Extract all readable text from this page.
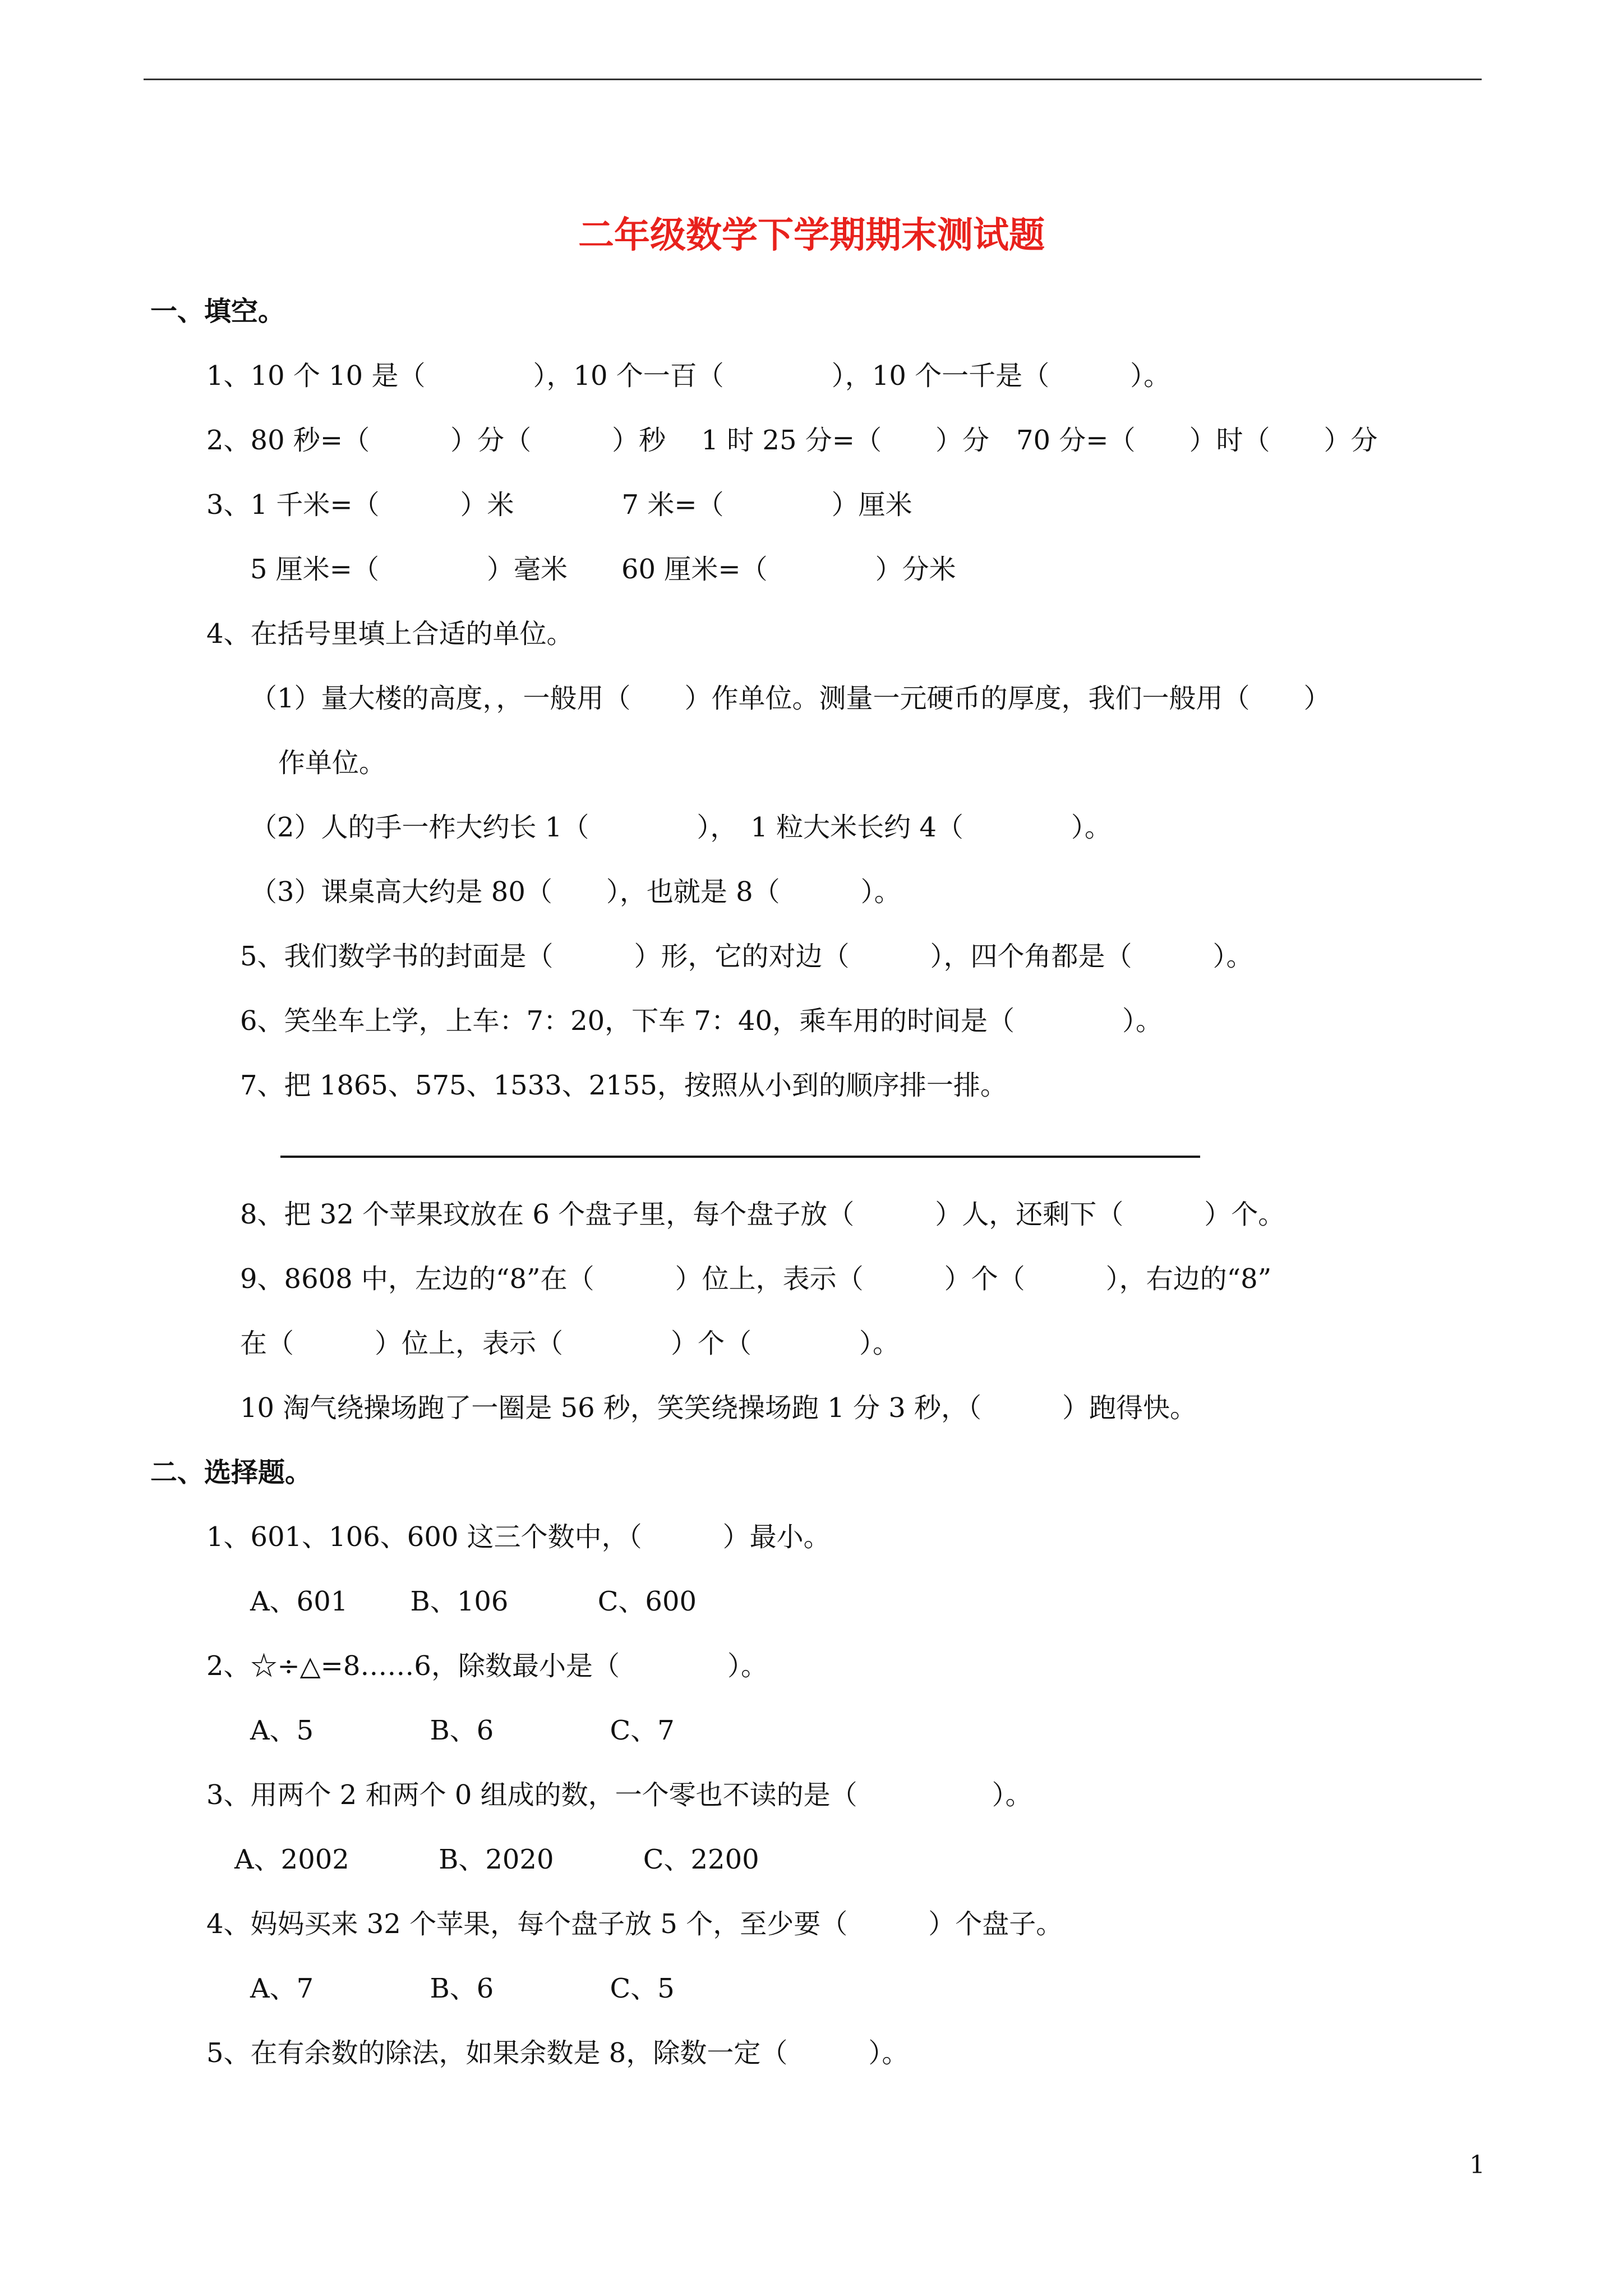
二年级数学下学期期末测试题
一、填空。
1、10 个 10 是（　　　　），10 个一百（　　　　），10 个一千是（　　　）。
2、80 秒=（　　　）分（　　　）秒　 1 时 25 分=（　　）分　70 分=（　　）时（　　）分
3、1 千米=（　　　）米　　　　7 米=（　　　　）厘米
5 厘米=（　　　　）毫米　　60 厘米=（　　　　）分米
4、在括号里填上合适的单位。
（1）量大楼的高度，，一般用（　　）作单位。测量一元硬币的厚度，我们一般用（　　）
作单位。
（2）人的手一柞大约长 1（　　　　），　1 粒大米长约 4（　　　　）。
（3）课桌高大约是 80（　　），也就是 8（　　　）。
5、我们数学书的封面是（　　　）形，它的对边（　　　），四个角都是（　　　）。
6、笑坐车上学，上车：7：20，下车 7：40，乘车用的时间是（　　　　）。
7、把 1865、575、1533、2155，按照从小到的顺序排一排。
8、把 32 个苹果玟放在 6 个盘子里，每个盘子放（　　　）人，还剩下（　　　）个。
9、8608 中，左边的“8”在（　　　）位上，表示（　　　）个（　　　），右边的“8”
在（　　　）位上，表示（　　　　）个（　　　　）。
10 淘气绕操场跑了一圈是 56 秒，笑笑绕操场跑 1 分 3 秒，（　　　）跑得快。
二、选择题。
1、601、106、600 这三个数中，（　　　）最小。
A、601　　 B、106　　　 C、600
2、☆÷△=8……6，除数最小是（　　　　）。
A、5　　　　 B、6　　　　 C、7
3、用两个 2 和两个 0 组成的数，一个零也不读的是（　　　　　）。
A、2002　　　 B、2020　　　 C、2200
4、妈妈买来 32 个苹果，每个盘子放 5 个，至少要（　　　）个盘子。
A、7　　　　 B、6　　　　 C、5
5、在有余数的除法，如果余数是 8，除数一定（　　　）。
1
